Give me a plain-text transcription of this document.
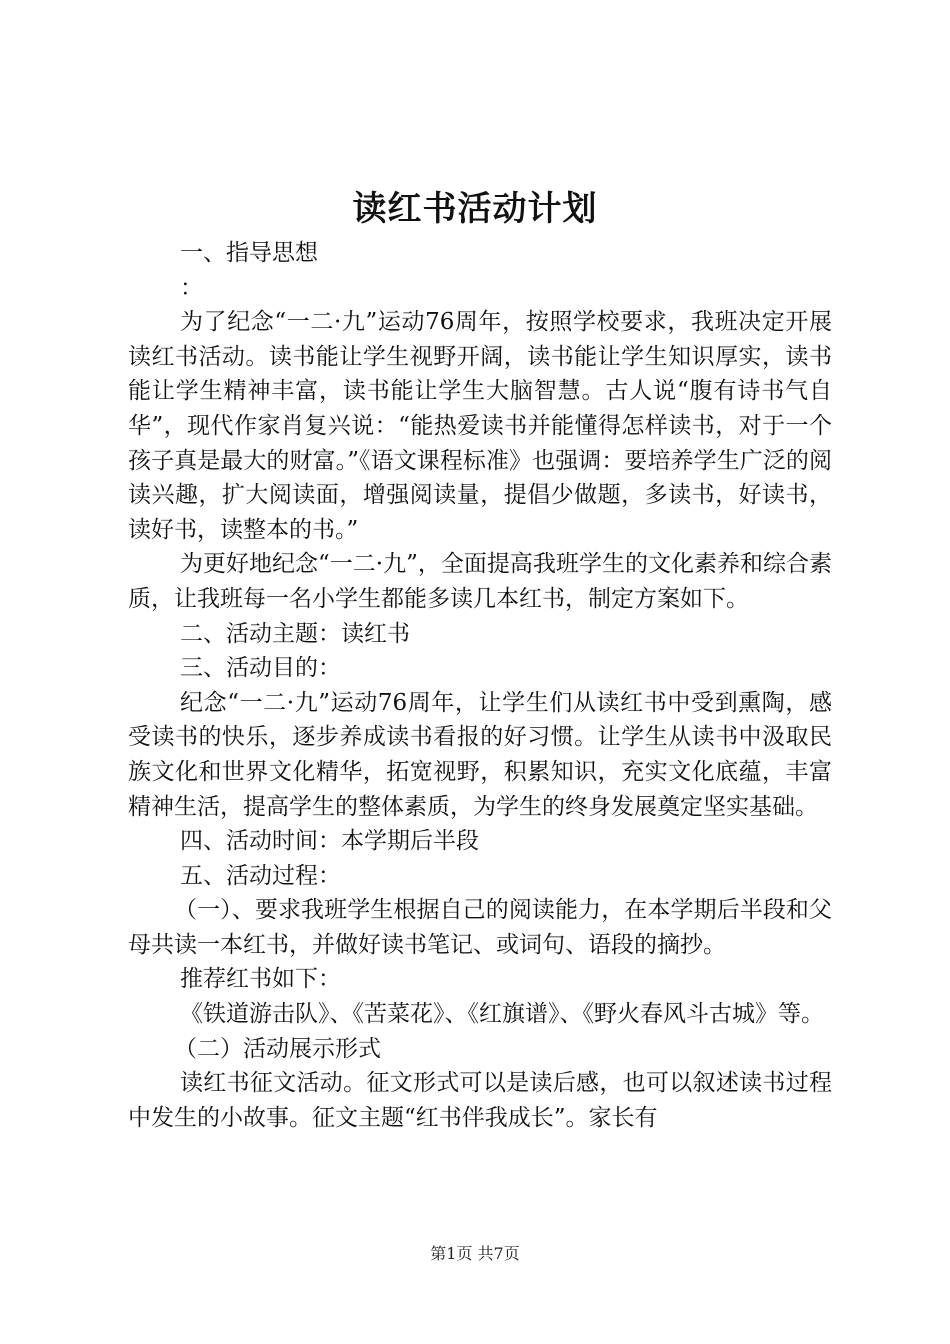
读红书活动计划

一、指导思想

：

为了纪念“一二·九”运动76周年，按照学校要求，我班决定开展读红书活动。读书能让学生视野开阔，读书能让学生知识厚实，读书能让学生精神丰富，读书能让学生大脑智慧。古人说“腹有诗书气自华”，现代作家肖复兴说：“能热爱读书并能懂得怎样读书，对于一个孩子真是最大的财富。”《语文课程标准》也强调：要培养学生广泛的阅读兴趣，扩大阅读面，增强阅读量，提倡少做题，多读书，好读书，读好书，读整本的书。”

为更好地纪念“一二·九”，全面提高我班学生的文化素养和综合素质，让我班每一名小学生都能多读几本红书，制定方案如下。

二、活动主题：读红书

三、活动目的：

纪念“一二·九”运动76周年，让学生们从读红书中受到熏陶，感受读书的快乐，逐步养成读书看报的好习惯。让学生从读书中汲取民族文化和世界文化精华，拓宽视野，积累知识，充实文化底蕴，丰富精神生活，提高学生的整体素质，为学生的终身发展奠定坚实基础。

四、活动时间：本学期后半段

五、活动过程：

（一）、要求我班学生根据自己的阅读能力，在本学期后半段和父母共读一本红书，并做好读书笔记、或词句、语段的摘抄。

推荐红书如下：

《铁道游击队》、《苦菜花》、《红旗谱》、《野火春风斗古城》等。

（二）活动展示形式

读红书征文活动。征文形式可以是读后感，也可以叙述读书过程中发生的小故事。征文主题“红书伴我成长”。家长有

第1页 共7页
